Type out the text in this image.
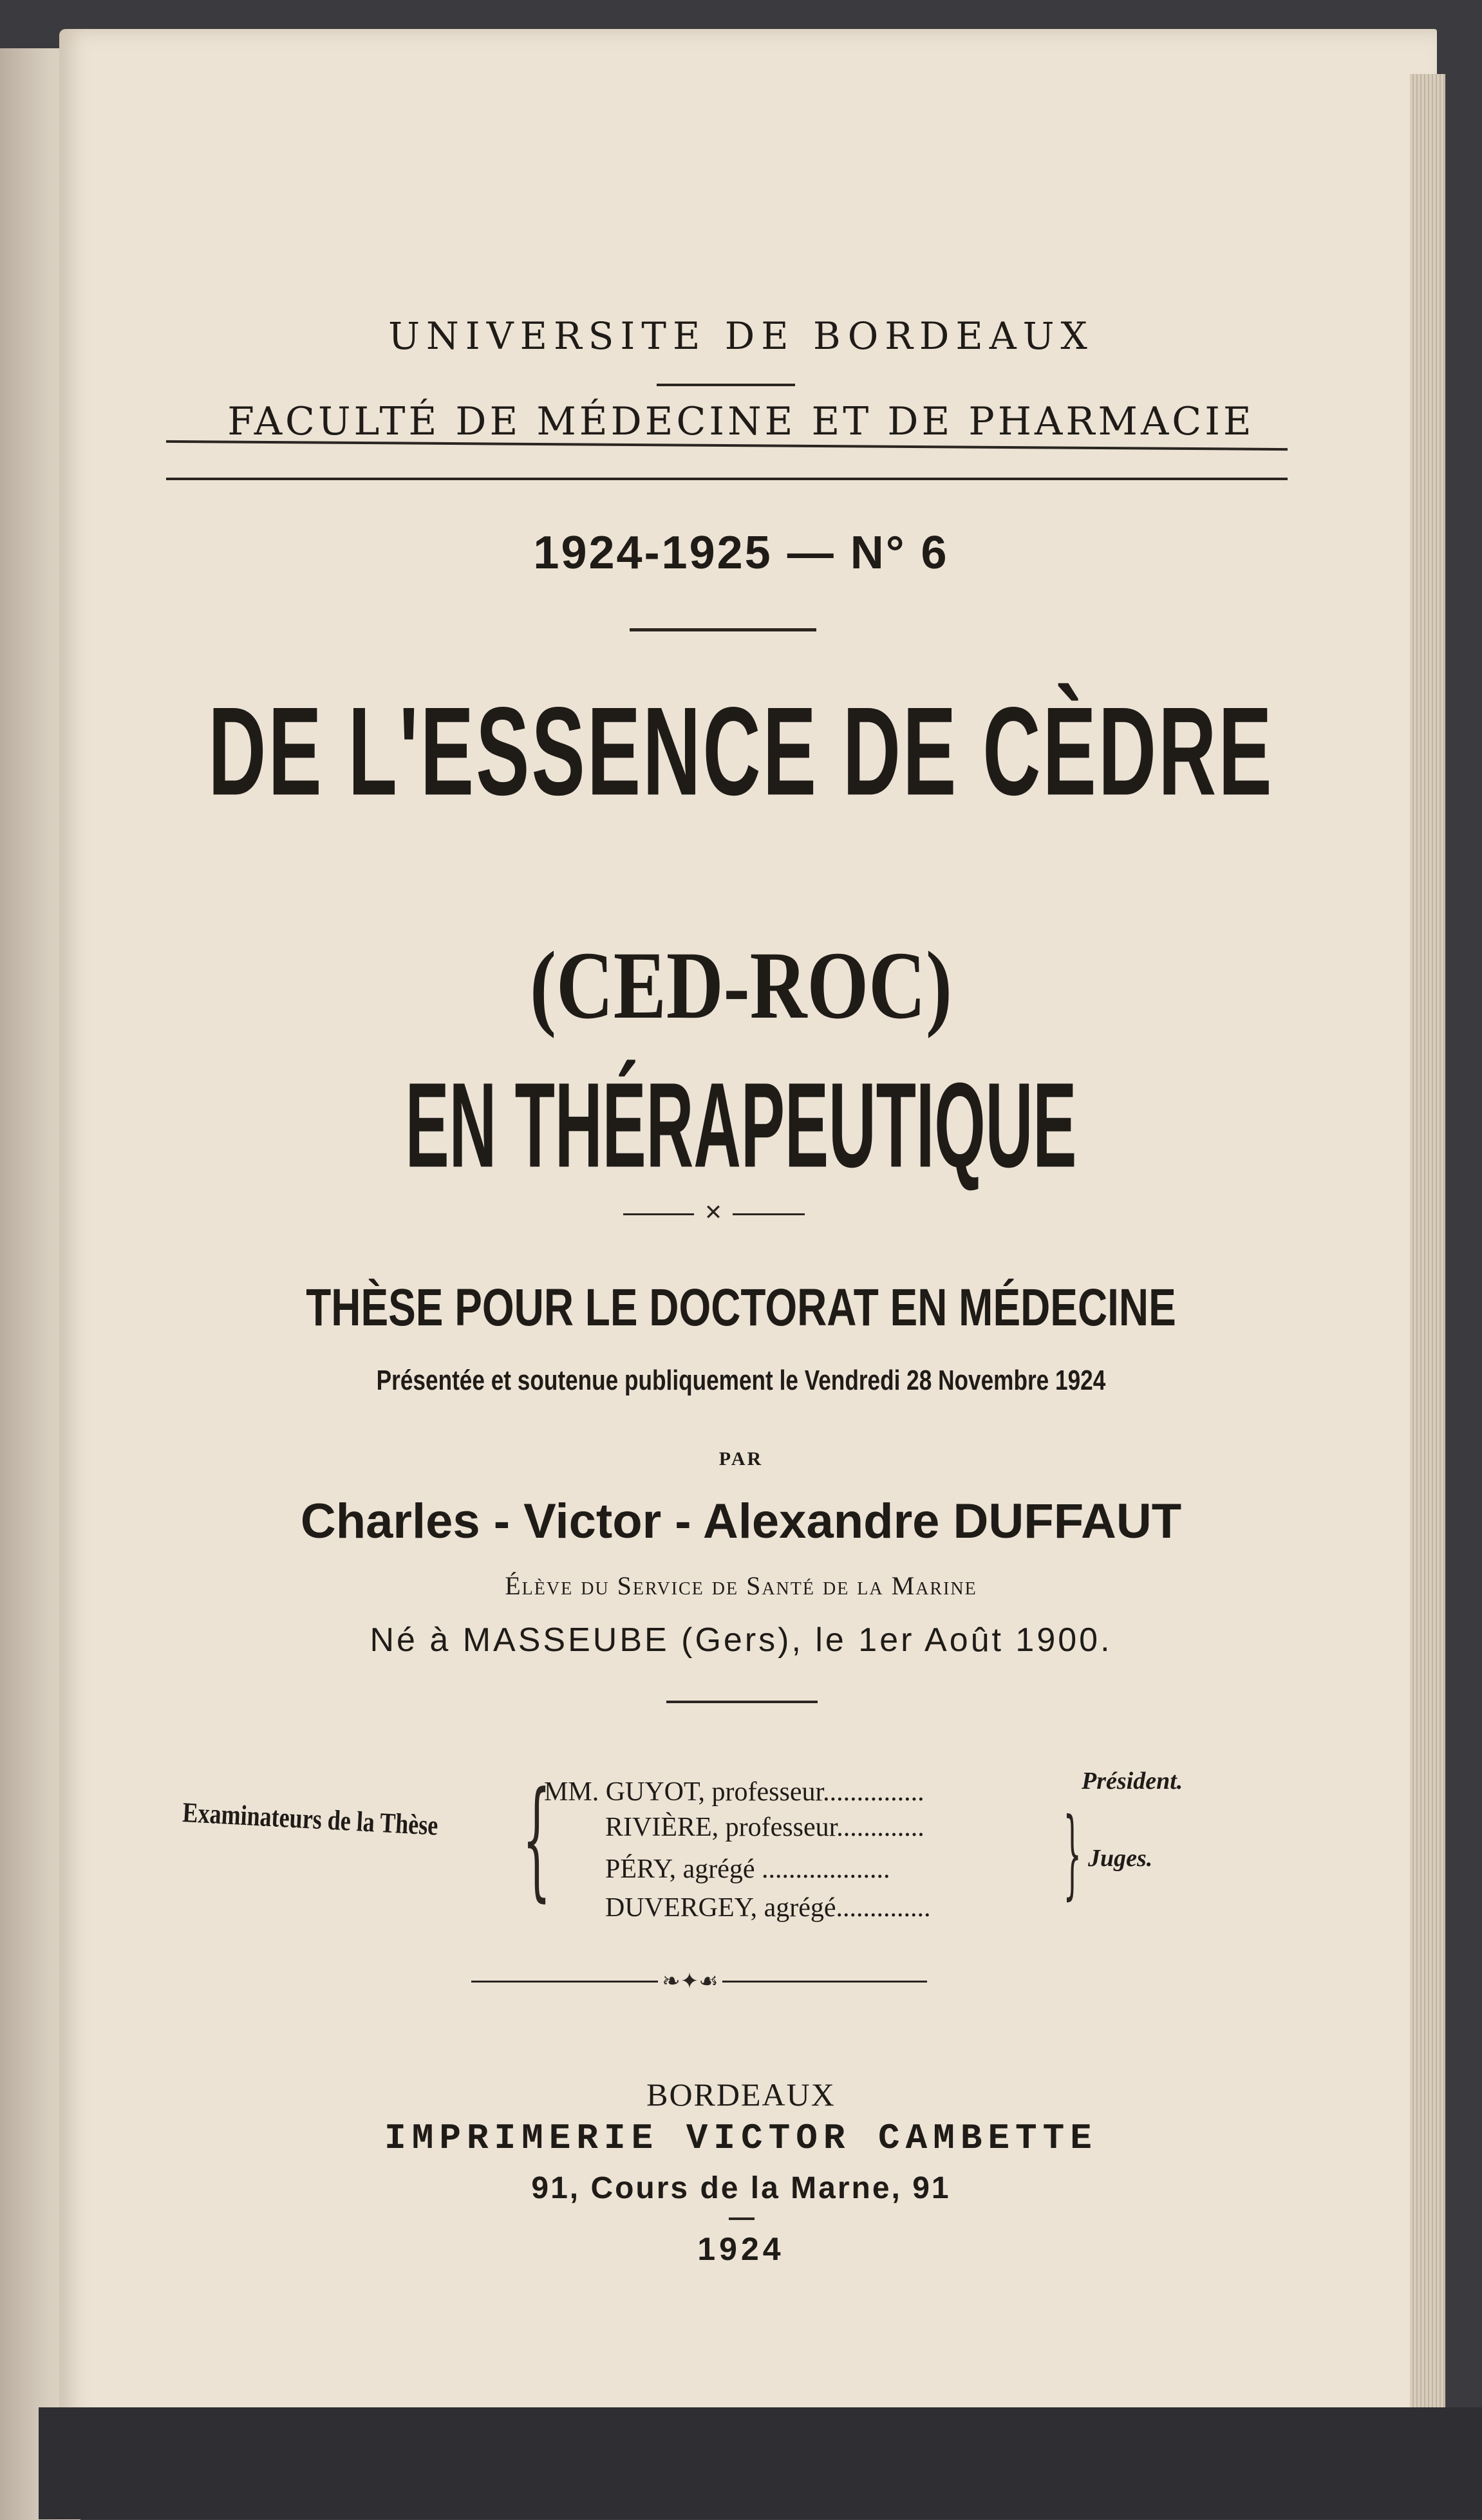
UNIVERSITE DE BORDEAUX
FACULTÉ DE MÉDECINE ET DE PHARMACIE
1924-1925 — N° 6
DE L'ESSENCE DE CÈDRE
(CED-ROC)
EN THÉRAPEUTIQUE
✕
THÈSE POUR LE DOCTORAT EN MÉDECINE
Présentée et soutenue publiquement le Vendredi 28 Novembre 1924
PAR
Charles - Victor - Alexandre DUFFAUT
Élève du Service de Santé de la Marine
Né à MASSEUBE (Gers), le 1er Août 1900.
Examinateurs de la Thèse {
MM. GUYOT, professeur...............
RIVIÈRE, professeur.............
PÉRY, agrégé ...................
DUVERGEY, agrégé.............. }
Président.
Juges.
❧✦☙
BORDEAUX
IMPRIMERIE VICTOR CAMBETTE
91, Cours de la Marne, 91
1924
